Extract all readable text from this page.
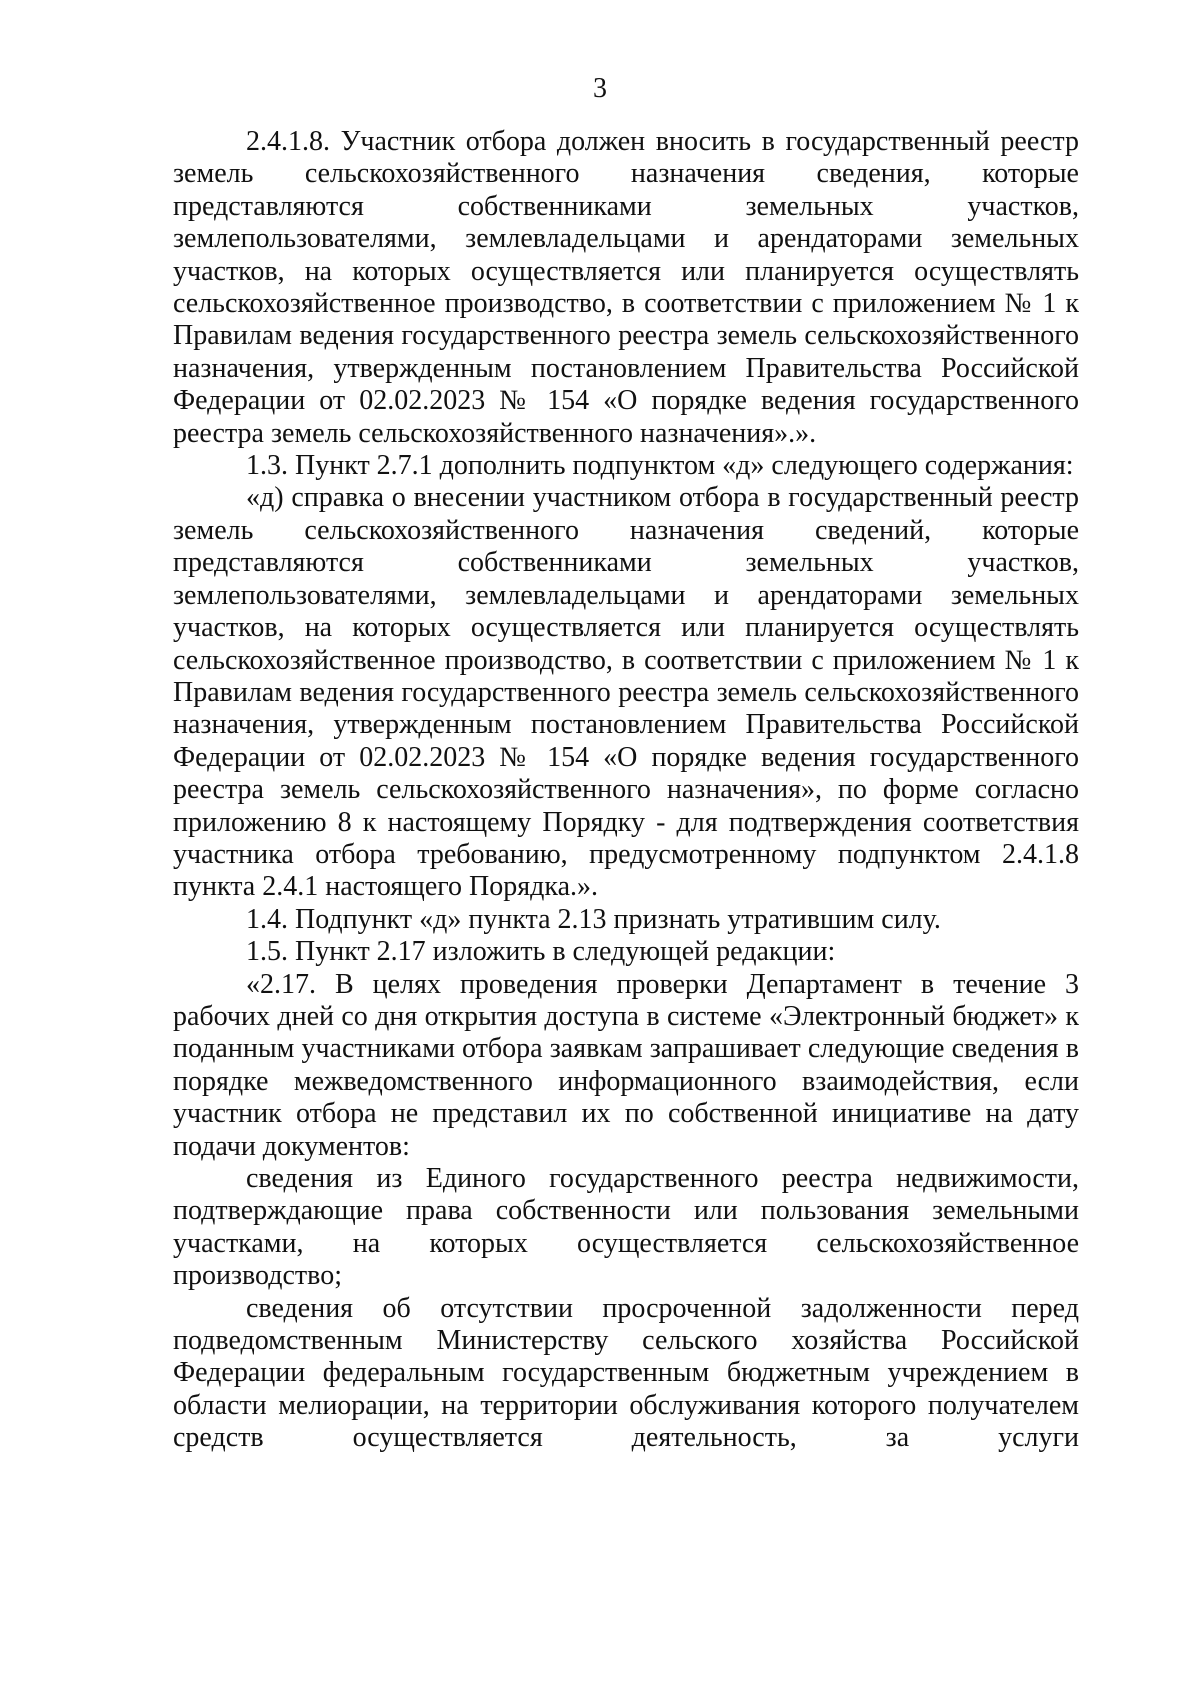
3

2.4.1.8. Участник отбора должен вносить в государственный реестр земель сельскохозяйственного назначения сведения, которые представляются собственниками земельных участков, землепользователями, землевладельцами и арендаторами земельных участков, на которых осуществляется или планируется осуществлять сельскохозяйственное производство, в соответствии с приложением № 1 к Правилам ведения государственного реестра земель сельскохозяйственного назначения, утвержденным постановлением Правительства Российской Федерации от 02.02.2023 № 154 «О порядке ведения государственного реестра земель сельскохозяйственного назначения».».

1.3. Пункт 2.7.1 дополнить подпунктом «д» следующего содержания:

«д) справка о внесении участником отбора в государственный реестр земель сельскохозяйственного назначения сведений, которые представляются собственниками земельных участков, землепользователями, землевладельцами и арендаторами земельных участков, на которых осуществляется или планируется осуществлять сельскохозяйственное производство, в соответствии с приложением № 1 к Правилам ведения государственного реестра земель сельскохозяйственного назначения, утвержденным постановлением Правительства Российской Федерации от 02.02.2023 № 154 «О порядке ведения государственного реестра земель сельскохозяйственного назначения», по форме согласно приложению 8 к настоящему Порядку - для подтверждения соответствия участника отбора требованию, предусмотренному подпунктом 2.4.1.8 пункта 2.4.1 настоящего Порядка.».

1.4. Подпункт «д» пункта 2.13 признать утратившим силу.

1.5. Пункт 2.17 изложить в следующей редакции:

«2.17. В целях проведения проверки Департамент в течение 3 рабочих дней со дня открытия доступа в системе «Электронный бюджет» к поданным участниками отбора заявкам запрашивает следующие сведения в порядке межведомственного информационного взаимодействия, если участник отбора не представил их по собственной инициативе на дату подачи документов:

сведения из Единого государственного реестра недвижимости, подтверждающие права собственности или пользования земельными участками, на которых осуществляется сельскохозяйственное производство;

сведения об отсутствии просроченной задолженности перед подведомственным Министерству сельского хозяйства Российской Федерации федеральным государственным бюджетным учреждением в области мелиорации, на территории обслуживания которого получателем средств осуществляется деятельность, за услуги
